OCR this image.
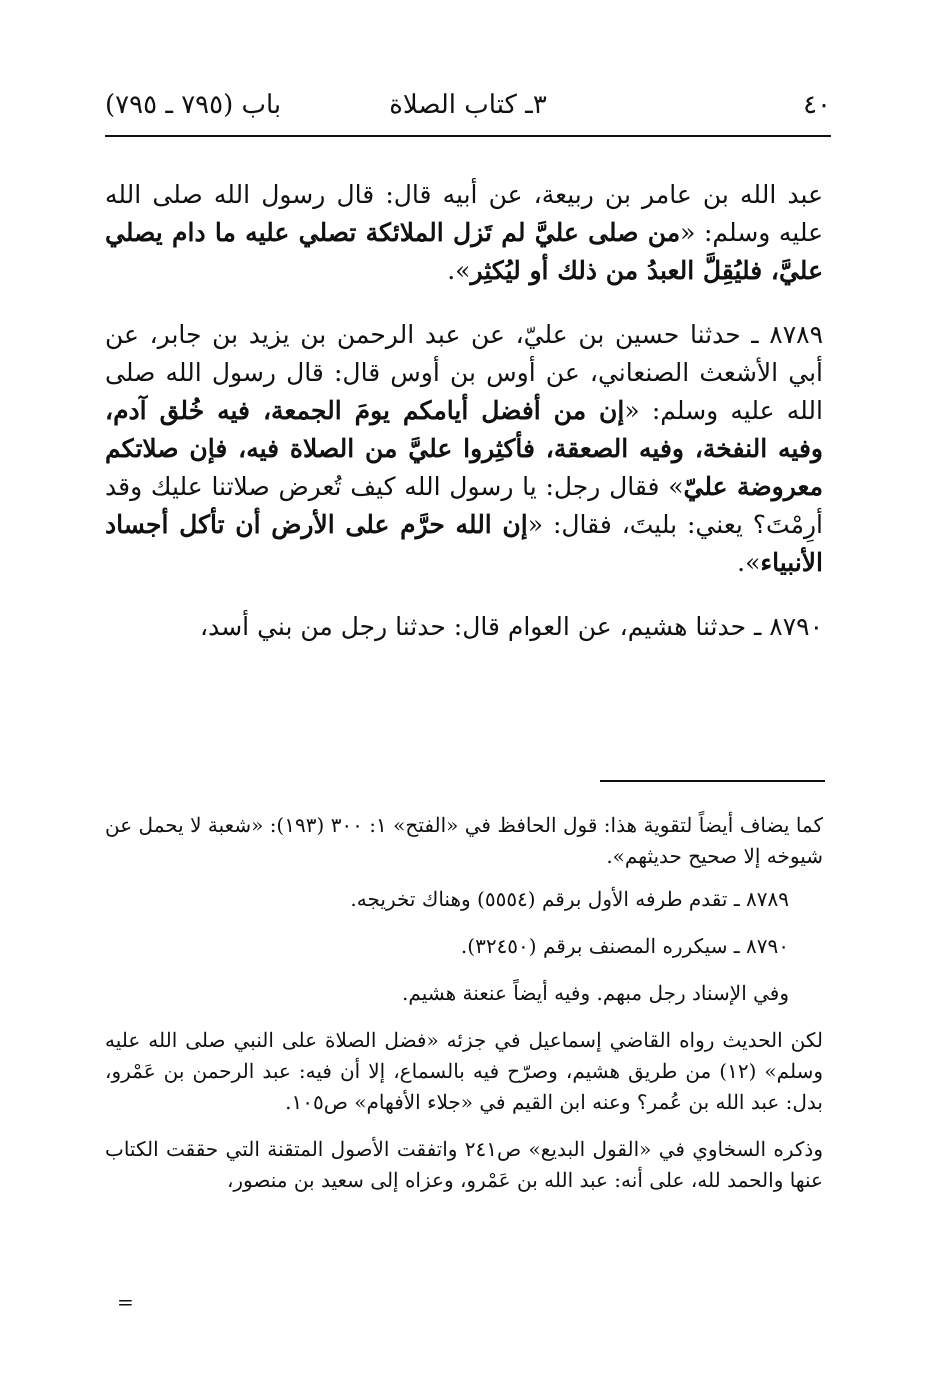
٤٠
٣ـ كتاب الصلاة
باب (٧٩٥ ـ ٧٩٥)

عبد الله بن عامر بن ربيعة، عن أبيه قال: قال رسول الله صلى الله عليه وسلم: «من صلى عليَّ لم تَزل الملائكة تصلي عليه ما دام يصلي عليَّ، فليُقِلَّ العبدُ من ذلك أو ليُكثِر».

٨٧٨٩ ـ حدثنا حسين بن عليّ، عن عبد الرحمن بن يزيد بن جابر، عن أبي الأشعث الصنعاني، عن أوس بن أوس قال: قال رسول الله صلى الله عليه وسلم: «إن من أفضل أيامكم يومَ الجمعة، فيه خُلق آدم، وفيه النفخة، وفيه الصعقة، فأكثِروا عليَّ من الصلاة فيه، فإن صلاتكم معروضة عليّ» فقال رجل: يا رسول الله كيف تُعرض صلاتنا عليك وقد أرِمْتَ؟ يعني: بليتَ، فقال: «إن الله حرَّم على الأرض أن تأكل أجساد الأنبياء».

٨٧٩٠ ـ حدثنا هشيم، عن العوام قال: حدثنا رجل من بني أسد،

كما يضاف أيضاً لتقوية هذا: قول الحافظ في «الفتح» ١: ٣٠٠ (١٩٣): «شعبة لا يحمل عن شيوخه إلا صحيح حديثهم».

٨٧٨٩ ـ تقدم طرفه الأول برقم (٥٥٥٤) وهناك تخريجه.

٨٧٩٠ ـ سيكرره المصنف برقم (٣٢٤٥٠).

وفي الإسناد رجل مبهم. وفيه أيضاً عنعنة هشيم.

لكن الحديث رواه القاضي إسماعيل في جزئه «فضل الصلاة على النبي صلى الله عليه وسلم» (١٢) من طريق هشيم، وصرّح فيه بالسماع، إلا أن فيه: عبد الرحمن بن عَمْرو، بدل: عبد الله بن عُمر؟ وعنه ابن القيم في «جلاء الأفهام» ص١٠٥.

وذكره السخاوي في «القول البديع» ص٢٤١ واتفقت الأصول المتقنة التي حققت الكتاب عنها والحمد لله، على أنه: عبد الله بن عَمْرو، وعزاه إلى سعيد بن منصور،

=
